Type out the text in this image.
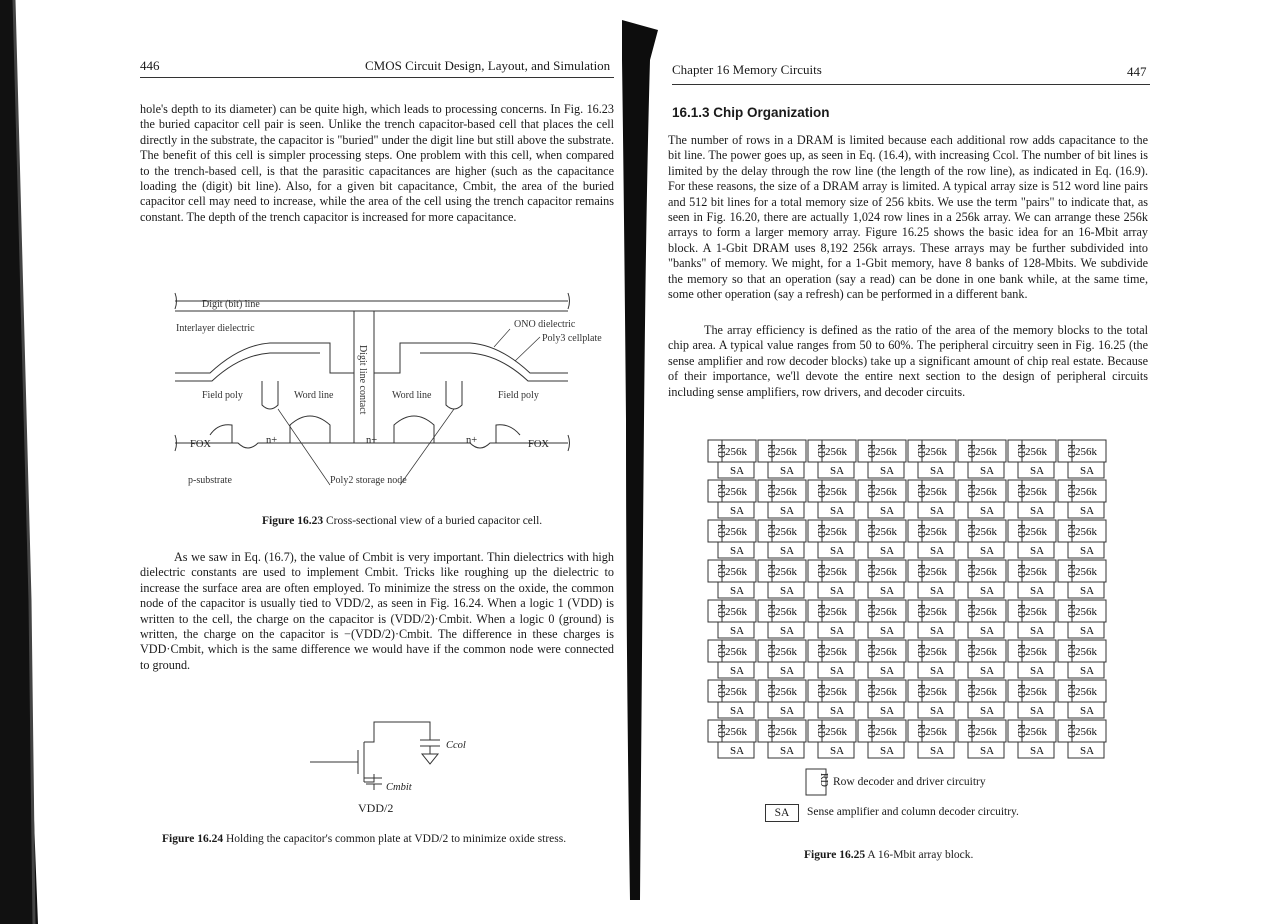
446	CMOS Circuit Design, Layout, and Simulation

hole's depth to its diameter) can be quite high, which leads to processing concerns. In Fig. 16.23 the buried capacitor cell pair is seen. Unlike the trench capacitor-based cell that places the cell directly in the substrate, the capacitor is "buried" under the digit line but still above the substrate. The benefit of this cell is simpler processing steps. One problem with this cell, when compared to the trench-based cell, is that the parasitic capacitances are higher (such as the capacitance loading the (digit) bit line). Also, for a given bit capacitance, Cmbit, the area of the buried capacitor cell may need to increase, while the area of the cell using the trench capacitor remains constant. The depth of the trench capacitor is increased for more capacitance.

Digit (bit) line
Interlayer dielectric	ONO dielectric
Poly3 cellplate
Digit line contact
Field poly	Word line	Word line	Field poly
FOX	n+	n+	n+	FOX
p-substrate	Poly2 storage node
Figure 16.23 Cross-sectional view of a buried capacitor cell.

As we saw in Eq. (16.7), the value of Cmbit is very important. Thin dielectrics with high dielectric constants are used to implement Cmbit. Tricks like roughing up the dielectric to increase the surface area are often employed. To minimize the stress on the oxide, the common node of the capacitor is usually tied to VDD/2, as seen in Fig. 16.24. When a logic 1 (VDD) is written to the cell, the charge on the capacitor is (VDD/2)·Cmbit. When a logic 0 (ground) is written, the charge on the capacitor is −(VDD/2)·Cmbit. The difference in these charges is VDD·Cmbit, which is the same difference we would have if the common node were connected to ground.

Ccol
Cmbit
VDD/2
Figure 16.24 Holding the capacitor's common plate at VDD/2 to minimize oxide stress.
Chapter 16 Memory Circuits	447
16.1.3 Chip Organization

The number of rows in a DRAM is limited because each additional row adds capacitance to the bit line. The power goes up, as seen in Eq. (16.4), with increasing Ccol. The number of bit lines is limited by the delay through the row line (the length of the row line), as indicated in Eq. (16.9). For these reasons, the size of a DRAM array is limited. A typical array size is 512 word line pairs and 512 bit lines for a total memory size of 256 kbits. We use the term "pairs" to indicate that, as seen in Fig. 16.20, there are actually 1,024 row lines in a 256k array. We can arrange these 256k arrays to form a larger memory array. Figure 16.25 shows the basic idea for an 16-Mbit array block. A 1-Gbit DRAM uses 8,192 256k arrays. These arrays may be further subdivided into "banks" of memory. We might, for a 1-Gbit memory, have 8 banks of 128-Mbits. We subdivide the memory so that an operation (say a read) can be done in one bank while, at the same time, some other operation (say a refresh) can be performed in a different bank.

The array efficiency is defined as the ratio of the area of the memory blocks to the total chip area. A typical value ranges from 50 to 60%. The peripheral circuitry seen in Fig. 16.25 (the sense amplifier and row decoder blocks) take up a significant amount of chip real estate. Because of their importance, we'll devote the entire next section to the design of peripheral circuits including sense amplifiers, row drivers, and decoder circuits.

RD 256k
SA
RD 256k
SA
RD 256k
SA
RD 256k
SA
RD 256k
SA
RD 256k
SA
RD 256k
SA
RD 256k
SA
RD 256k
SA
RD 256k
SA
RD 256k
SA
RD 256k
SA
RD 256k
SA
RD 256k
SA
RD 256k
SA
RD 256k
SA
RD 256k
SA
RD 256k
SA
RD 256k
SA
RD 256k
SA
RD 256k
SA
RD 256k
SA
RD 256k
SA
RD 256k
SA
RD 256k
SA
RD 256k
SA
RD 256k
SA
RD 256k
SA
RD 256k
SA
RD 256k
SA
RD 256k
SA
RD 256k
SA
RD 256k
SA
RD 256k
SA
RD 256k
SA
RD 256k
SA
RD 256k
SA
RD 256k
SA
RD 256k
SA
RD 256k
SA
RD 256k
SA
RD 256k
SA
RD 256k
SA
RD 256k
SA
RD 256k
SA
RD 256k
SA
RD 256k
SA
RD 256k
SA
RD 256k
SA
RD 256k
SA
RD 256k
SA
RD 256k
SA
RD 256k
SA
RD 256k
SA
RD 256k
SA
RD 256k
SA
RD 256k
SA
RD 256k
SA
RD 256k
SA
RD 256k
SA
RD 256k
SA
RD 256k
SA
RD 256k
SA
RD 256k
SA
RD Row decoder and driver circuitry
SA	Sense amplifier and column decoder circuitry.
Figure 16.25 A 16-Mbit array block.
